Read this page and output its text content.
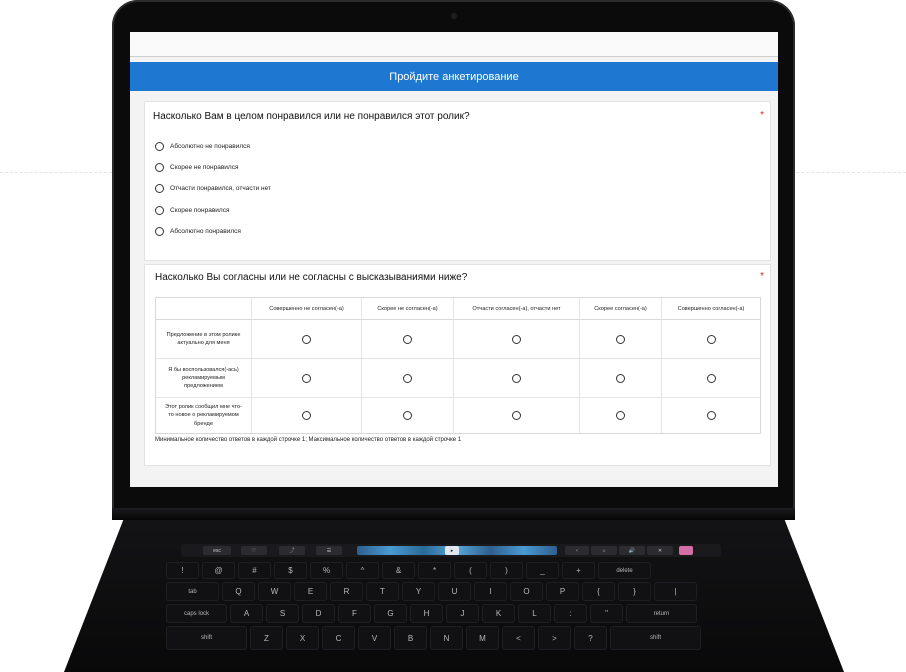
Пройдите анкетирование
Насколько Вам в целом понравился или не понравился этот ролик?	*
Абсолютно не понравился
Скорее не понравился
Отчасти понравился, отчасти нет
Скорее понравился
Абсолютно понравился
Насколько Вы согласны или не согласны с высказываниями ниже?	*
Совершенно не согласен(-а)	Скорее не согласен(-а)	Отчасти согласен(-а), отчасти нет	Скорее согласен(-а)	Совершенно согласен(-а)
Предложение в этом ролике актуально для меня
Я бы воспользовался(-ась) рекламируемым предложением
Этот ролик сообщил мне что-то новое о рекламируемом бренде
Минимальное количество ответов в каждой строчке 1; Максимальное количество ответов в каждой строчке 1
esc	♡	⤴	☰	▸	‹	☼	🔊	✕
!	@	#	$	%	^	&	*	(	)	_	+	delete
tab	Q	W	E	R	T	Y	U	I	O	P	{	}	|
caps lock	A	S	D	F	G	H	J	K	L	:	"	return
shift	Z	X	C	V	B	N	M	<	>	?	shift
